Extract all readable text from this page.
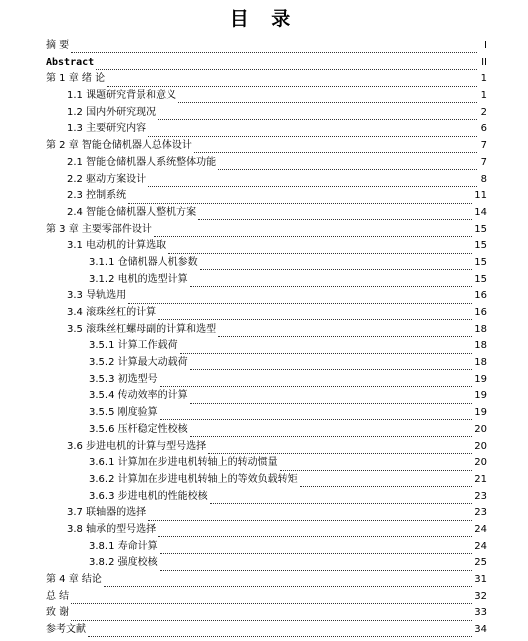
目 录
摘 要	I
Abstract	II
第 1 章 绪 论	1
1.1 课题研究背景和意义	1
1.2 国内外研究现况	2
1.3 主要研究内容	6
第 2 章 智能仓储机器人总体设计	7
2.1 智能仓储机器人系统整体功能	7
2.2 驱动方案设计	8
2.3 控制系统	11
2.4 智能仓储机器人整机方案	14
第 3 章 主要零部件设计	15
3.1 电动机的计算选取	15
3.1.1 仓储机器人机参数	15
3.1.2 电机的选型计算	15
3.3 导轨选用	16
3.4 滚珠丝杠的计算	16
3.5 滚珠丝杠螺母副的计算和选型	18
3.5.1 计算工作载荷	18
3.5.2 计算最大动载荷	18
3.5.3 初选型号	19
3.5.4 传动效率的计算	19
3.5.5 刚度验算	19
3.5.6 压杆稳定性校核	20
3.6 步进电机的计算与型号选择	20
3.6.1 计算加在步进电机转轴上的转动惯量	20
3.6.2 计算加在步进电机转轴上的等效负载转矩	21
3.6.3 步进电机的性能校核	23
3.7 联轴器的选择	23
3.8 轴承的型号选择	24
3.8.1 寿命计算	24
3.8.2 强度校核	25
第 4 章 结论	31
总 结	32
致 谢	33
参考文献	34
